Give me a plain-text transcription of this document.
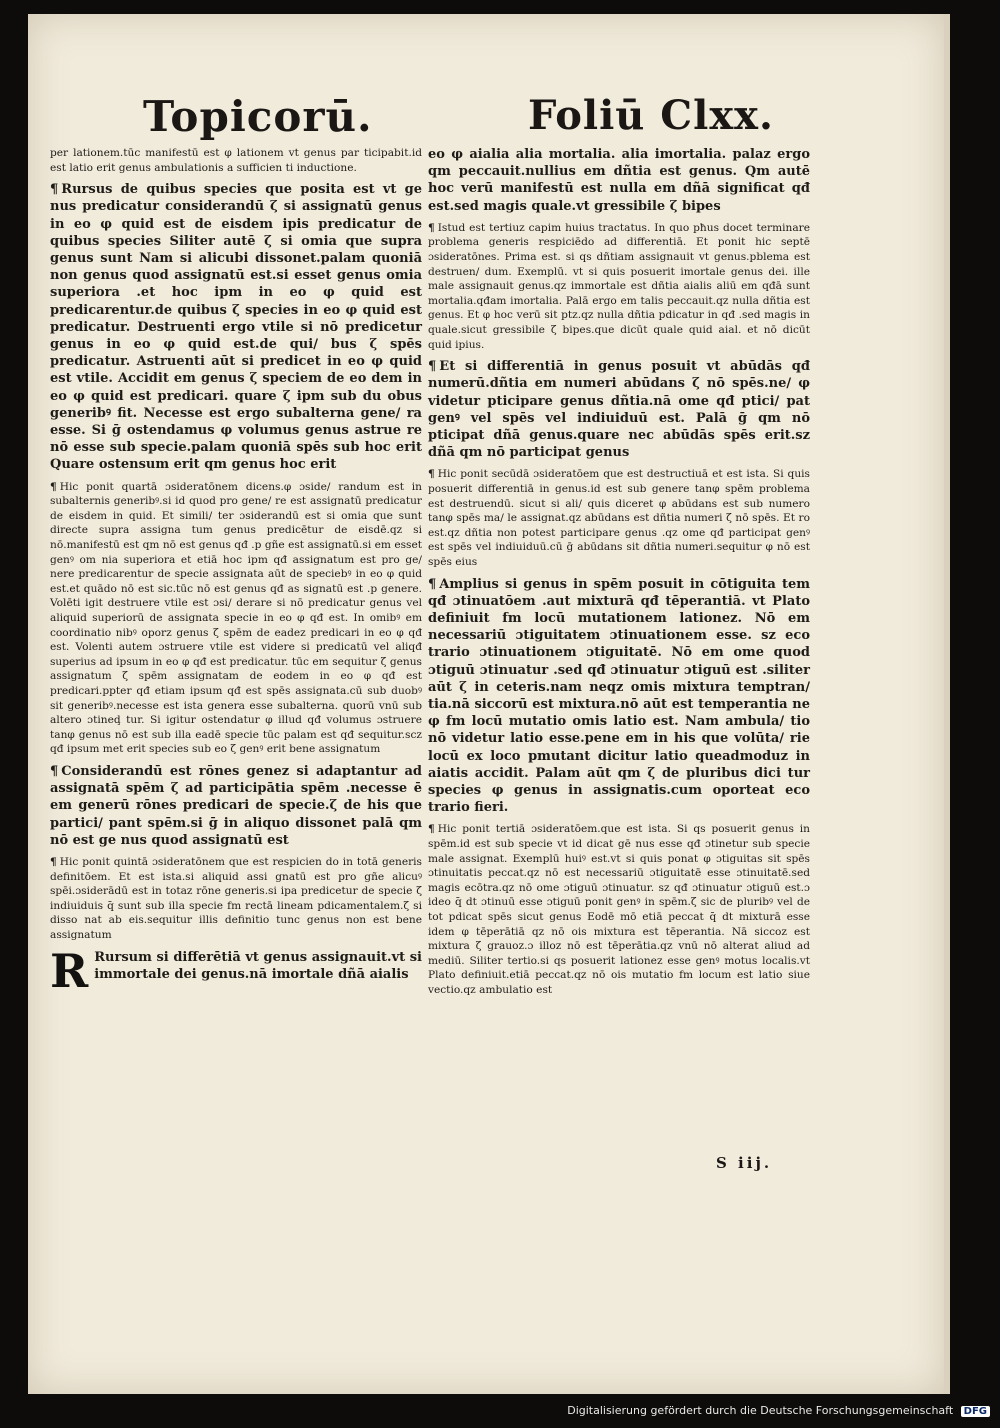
Topicorū.	Foliū Clxx.

per lationem.tūc manifestū est φ lationem vt genus par ticipabit.id est latio erit genus ambulationis a sufficien ti inductione.

¶ Rursus de quibus species que posita est vt ge nus predicatur considerandū ζ si assignatū genus in eo φ quid est de eisdem ipis predicatur de quibus species Siliter autē ζ si omia que supra genus sunt Nam si alicubi dissonet.palam quoniā non genus quod assignatū est.si esset genus omia superiora .et hoc ipm in eo φ quid est predicarentur.de quibus ζ species in eo φ quid est predicatur. Destruenti ergo vtile si nō predicetur genus in eo φ quid est.de qui/ bus ζ spēs predicatur. Astruenti aūt si predicet in eo φ quid est vtile. Accidit em genus ζ speciem de eo dem in eo φ quid est predicari. quare ζ ipm sub du obus generibꝰ fit. Necesse est ergo subalterna gene/ ra esse. Si ḡ ostendamus φ volumus genus astrue re nō esse sub specie.palam quoniā spēs sub hoc erit Quare ostensum erit qm genus hoc erit

¶ Hic ponit quartā ɔsideratōnem dicens.φ ɔside/ randum est in subalternis generibꝰ.si id quod pro gene/ re est assignatū predicatur de eisdem in quid. Et simili/ ter ɔsiderandū est si omia que sunt directe supra assigna tum genus predicētur de eisdē.qz si nō.manifestū est qm nō est genus qđ .p gñe est assignatū.si em esset genꝰ om nia superiora et etiā hoc ipm qđ assignatum est pro ge/ nere predicarentur de specie assignata aūt de speciebꝰ in eo φ quid est.et quādo nō est sic.tūc nō est genus qđ as signatū est .p genere. Volēti igit destruere vtile est ɔsi/ derare si nō predicatur genus vel aliquid superiorū de assignata specie in eo φ qđ est. In omibꝰ em coordinatio nibꝰ oporz genus ζ spēm de eadez predicari in eo φ qđ est. Volenti autem ɔstruere vtile est videre si predicatū vel aliqđ superius ad ipsum in eo φ qđ est predicatur. tūc em sequitur ζ genus assignatum ζ spēm assignatam de eodem in eo φ qđ est predicari.ppter qđ etiam ipsum qđ est spēs assignata.cū sub duobꝰ sit generibꝰ.necesse est ista genera esse subalterna. quorū vnū sub altero ɔtineḑ tur. Si igitur ostendatur φ illud qđ volumus ɔstruere tanφ genus nō est sub illa eadē specie tūc palam est qđ sequitur.scz qđ ipsum met erit species sub eo ζ genꝰ erit bene assignatum

¶ Considerandū est rōnes genez si adaptantur ad assignatā spēm ζ ad participātia spēm .necesse ē em generū rōnes predicari de specie.ζ de his que partici/ pant spēm.si ḡ in aliquo dissonet palā qm nō est ge nus quod assignatū est

¶ Hic ponit quintā ɔsideratōnem que est respicien do in totā generis definitōem. Et est ista.si aliquid assi gnatū est pro gñe alicuꝰ spēi.ɔsiderādū est in totaz rōne generis.si ipa predicetur de specie ζ indiuiduis q̄ sunt sub illa specie fm rectā lineam pdicamentalem.ζ si disso nat ab eis.sequitur illis definitio tunc genus non est bene assignatum

R Rursum si differētiā vt genus assignauit.vt si immortale dei genus.nā imortale dñā aialis

eo φ aialia alia mortalia. alia imortalia. palaz ergo qm peccauit.nullius em dñtia est genus. Qm autē hoc verū manifestū est nulla em dñā significat qđ est.sed magis quale.vt gressibile ζ bipes

¶ Istud est tertiuz capim huius tractatus. In quo pħus docet terminare problema generis respiciēdo ad differentiā. Et ponit hic septē ɔsideratōnes. Prima est. si qs dñtiam assignauit vt genus.pblema est destruen/ dum. Exemplū. vt si quis posuerit imortale genus dei. ille male assignauit genus.qz immortale est dñtia aialis aliū em qđā sunt mortalia.qđam imortalia. Palā ergo em talis peccauit.qz nulla dñtia est genus. Et φ hoc verū sit ptz.qz nulla dñtia pdicatur in qđ .sed magis in quale.sicut gressibile ζ bipes.que dicūt quale quid aial. et nō dicūt quid ipius.

¶ Et si differentiā in genus posuit vt abūdās qđ numerū.dñtia em numeri abūdans ζ nō spēs.ne/ φ videtur pticipare genus dñtia.nā ome qđ ptici/ pat genꝰ vel spēs vel indiuiduū est. Palā ḡ qm nō pticipat dñā genus.quare nec abūdās spēs erit.sz dñā qm nō participat genus

¶ Hic ponit secūdā ɔsideratōem que est destructiuā et est ista. Si quis posuerit differentiā in genus.id est sub genere tanφ spēm problema est destruendū. sicut si ali/ quis diceret φ abūdans est sub numero tanφ spēs ma/ le assignat.qz abūdans est dñtia numeri ζ nō spēs. Et ro est.qz dñtia non potest participare genus .qz ome qđ participat genꝰ est spēs vel indiuiduū.cū ḡ abūdans sit dñtia numeri.sequitur φ nō est spēs eius

¶ Amplius si genus in spēm posuit in cōtiguita tem qđ ɔtinuatōem .aut mixturā qđ tēperantiā. vt Plato definiuit fm locū mutationem lationez. Nō em necessariū ɔtiguitatem ɔtinuationem esse. sz eco trario ɔtinuationem ɔtiguitatē. Nō em ome quod ɔtiguū ɔtinuatur .sed qđ ɔtinuatur ɔtiguū est .siliter aūt ζ in ceteris.nam neqz omis mixtura temptran/ tia.nā siccorū est mixtura.nō aūt est temperantia ne φ fm locū mutatio omis latio est. Nam ambula/ tio nō videtur latio esse.pene em in his que volūta/ rie locū ex loco pmutant dicitur latio queadmoduz in aiatis accidit. Palam aūt qm ζ de pluribus dici tur species φ genus in assignatis.cum oporteat eco trario fieri.

¶ Hic ponit tertiā ɔsideratōem.que est ista. Si qs posuerit genus in spēm.id est sub specie vt id dicat gē nus esse qđ ɔtinetur sub specie male assignat. Exemplū huiꝰ est.vt si quis ponat φ ɔtiguitas sit spēs ɔtinuitatis peccat.qz nō est necessariū ɔtiguitatē esse ɔtinuitatē.sed magis ecōtra.qz nō ome ɔtiguū ɔtinuatur. sz qđ ɔtinuatur ɔtiguū est.ɔ ideo q̄ dt ɔtinuū esse ɔtiguū ponit genꝰ in spēm.ζ sic de pluribꝰ vel de tot pdicat spēs sicut genus Eodē mō etiā peccat q̄ dt mixturā esse idem φ tēperātiā qz nō ois mixtura est tēperantia. Nā siccoz est mixtura ζ grauoz.ɔ illoz nō est tēperātia.qz vnū nō alterat aliud ad mediū. Siliter tertio.si qs posuerit lationez esse genꝰ motus localis.vt Plato definiuit.etiā peccat.qz nō ois mutatio fm locum est latio siue vectio.qz ambulatio est

S iij.
Digitalisierung gefördert durch die Deutsche Forschungsgemeinschaft DFG
